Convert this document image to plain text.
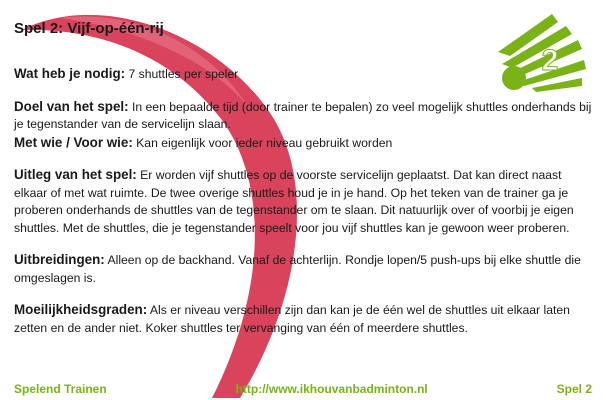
2
Spel 2: Vijf-op-één-rij

Wat heb je nodig: 7 shuttles per speler

Doel van het spel: In een bepaalde tijd (door trainer te bepalen) zo veel mogelijk shuttles onderhands bij je tegenstander van de servicelijn slaan.

Met wie / Voor wie: Kan eigenlijk voor ieder niveau gebruikt worden

Uitleg van het spel: Er worden vijf shuttles op de voorste servicelijn geplaatst. Dat kan direct naast elkaar of met wat ruimte. De twee overige shuttles houd je in je hand. Op het teken van de trainer ga je proberen onderhands de shuttles van de tegenstander om te slaan. Dit natuurlijk over of voorbij je eigen shuttles. Met de shuttles, die je tegenstander speelt voor jou vijf shuttles kan je gewoon weer proberen.

Uitbreidingen: Alleen op de backhand. Vanaf de achterlijn. Rondje lopen/5 push-ups bij elke shuttle die omgeslagen is.

Moeilijkheidsgraden: Als er niveau verschillen zijn dan kan je de één wel de shuttles uit elkaar laten zetten en de ander niet. Koker shuttles ter vervanging van één of meerdere shuttles.

Spelend Trainen	http://www.ikhouvanbadminton.nl	Spel 2
